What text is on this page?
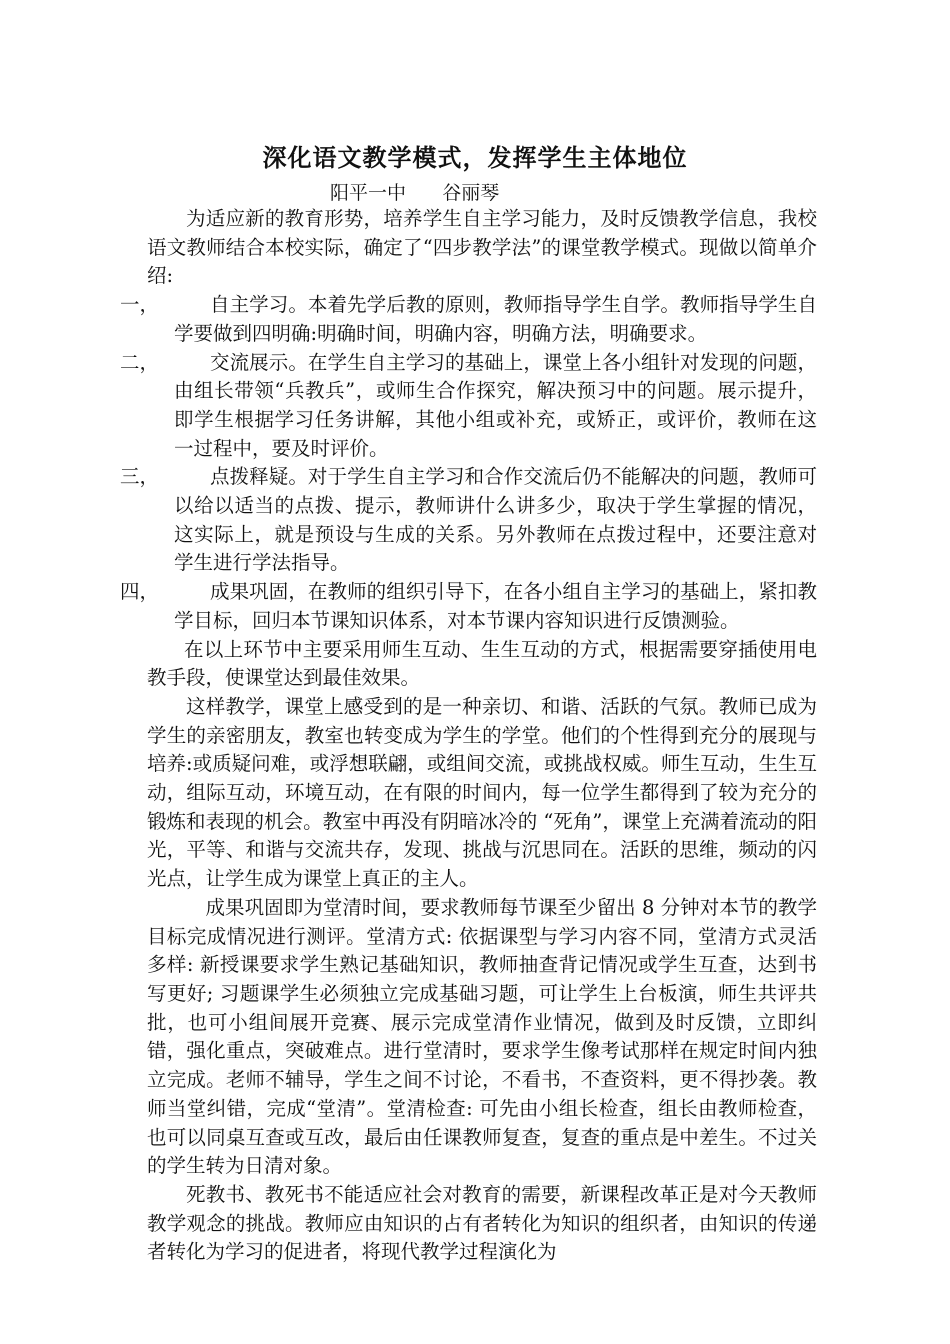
深化语文教学模式，发挥学生主体地位
阳平一中      谷丽琴

为适应新的教育形势，培养学生自主学习能力，及时反馈教学信息，我校语文教师结合本校实际，确定了“四步教学法”的课堂教学模式。现做以简单介绍:

一，	自主学习。本着先学后教的原则，教师指导学生自学。教师指导学生自学要做到四明确:明确时间，明确内容，明确方法，明确要求。
二，	交流展示。在学生自主学习的基础上，课堂上各小组针对发现的问题，由组长带领“兵教兵”，或师生合作探究，解决预习中的问题。展示提升，即学生根据学习任务讲解，其他小组或补充，或矫正，或评价，教师在这一过程中，要及时评价。
三，	点拨释疑。对于学生自主学习和合作交流后仍不能解决的问题，教师可以给以适当的点拨、提示，教师讲什么讲多少，取决于学生掌握的情况，这实际上，就是预设与生成的关系。另外教师在点拨过程中，还要注意对学生进行学法指导。
四，	成果巩固，在教师的组织引导下，在各小组自主学习的基础上，紧扣教学目标，回归本节课知识体系，对本节课内容知识进行反馈测验。

在以上环节中主要采用师生互动、生生互动的方式，根据需要穿插使用电教手段，使课堂达到最佳效果。

这样教学，课堂上感受到的是一种亲切、和谐、活跃的气氛。教师已成为学生的亲密朋友，教室也转变成为学生的学堂。他们的个性得到充分的展现与培养:或质疑问难，或浮想联翩，或组间交流，或挑战权威。师生互动，生生互动，组际互动，环境互动，在有限的时间内，每一位学生都得到了较为充分的锻炼和表现的机会。教室中再没有阴暗冰冷的 “死角”，课堂上充满着流动的阳光，平等、和谐与交流共存，发现、挑战与沉思同在。活跃的思维，频动的闪光点，让学生成为课堂上真正的主人。

成果巩固即为堂清时间，要求教师每节课至少留出 8 分钟对本节的教学目标完成情况进行测评。堂清方式: 依据课型与学习内容不同，堂清方式灵活多样: 新授课要求学生熟记基础知识，教师抽查背记情况或学生互查，达到书写更好; 习题课学生必须独立完成基础习题，可让学生上台板演，师生共评共批，也可小组间展开竞赛、展示完成堂清作业情况，做到及时反馈，立即纠错，强化重点，突破难点。进行堂清时，要求学生像考试那样在规定时间内独立完成。老师不辅导，学生之间不讨论，不看书，不查资料，更不得抄袭。教师当堂纠错，完成“堂清”。堂清检查: 可先由小组长检查，组长由教师检查，也可以同桌互查或互改，最后由任课教师复查，复查的重点是中差生。不过关的学生转为日清对象。

死教书、教死书不能适应社会对教育的需要，新课程改革正是对今天教师教学观念的挑战。教师应由知识的占有者转化为知识的组织者，由知识的传递者转化为学习的促进者，将现代教学过程演化为
